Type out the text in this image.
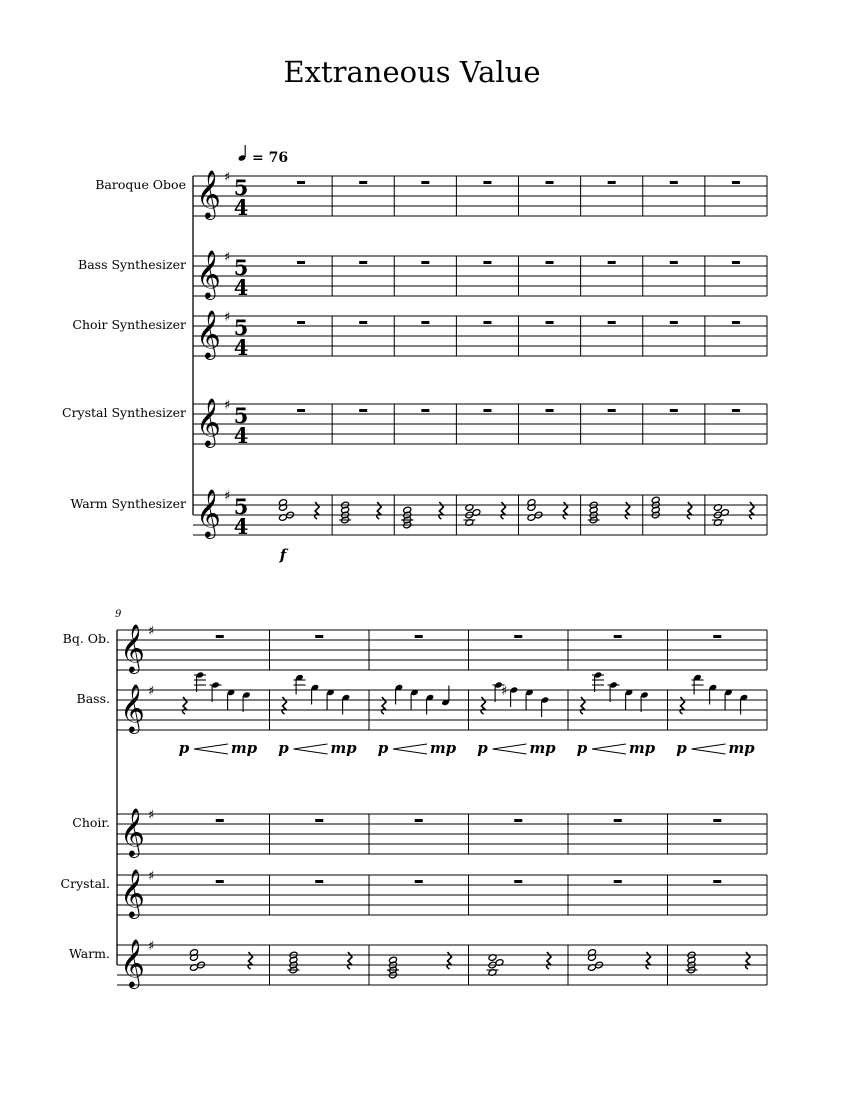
Extraneous Value
= 76
Baroque Oboe 𝄞 ♯ 5
4
Bass Synthesizer 𝄞 ♯ 5
4
Choir Synthesizer 𝄞 ♯ 5
4
Crystal Synthesizer 𝄞 ♯ 5
4
Warm Synthesizer 𝄞 ♯ 5
4
f
9
Bq. Ob. 𝄞 ♯
Bass. 𝄞 ♯
p	mp p	mp p	mp
♯
p	mp p	mp p	mp
Choir. 𝄞 ♯
Crystal. 𝄞 ♯
Warm. 𝄞 ♯
